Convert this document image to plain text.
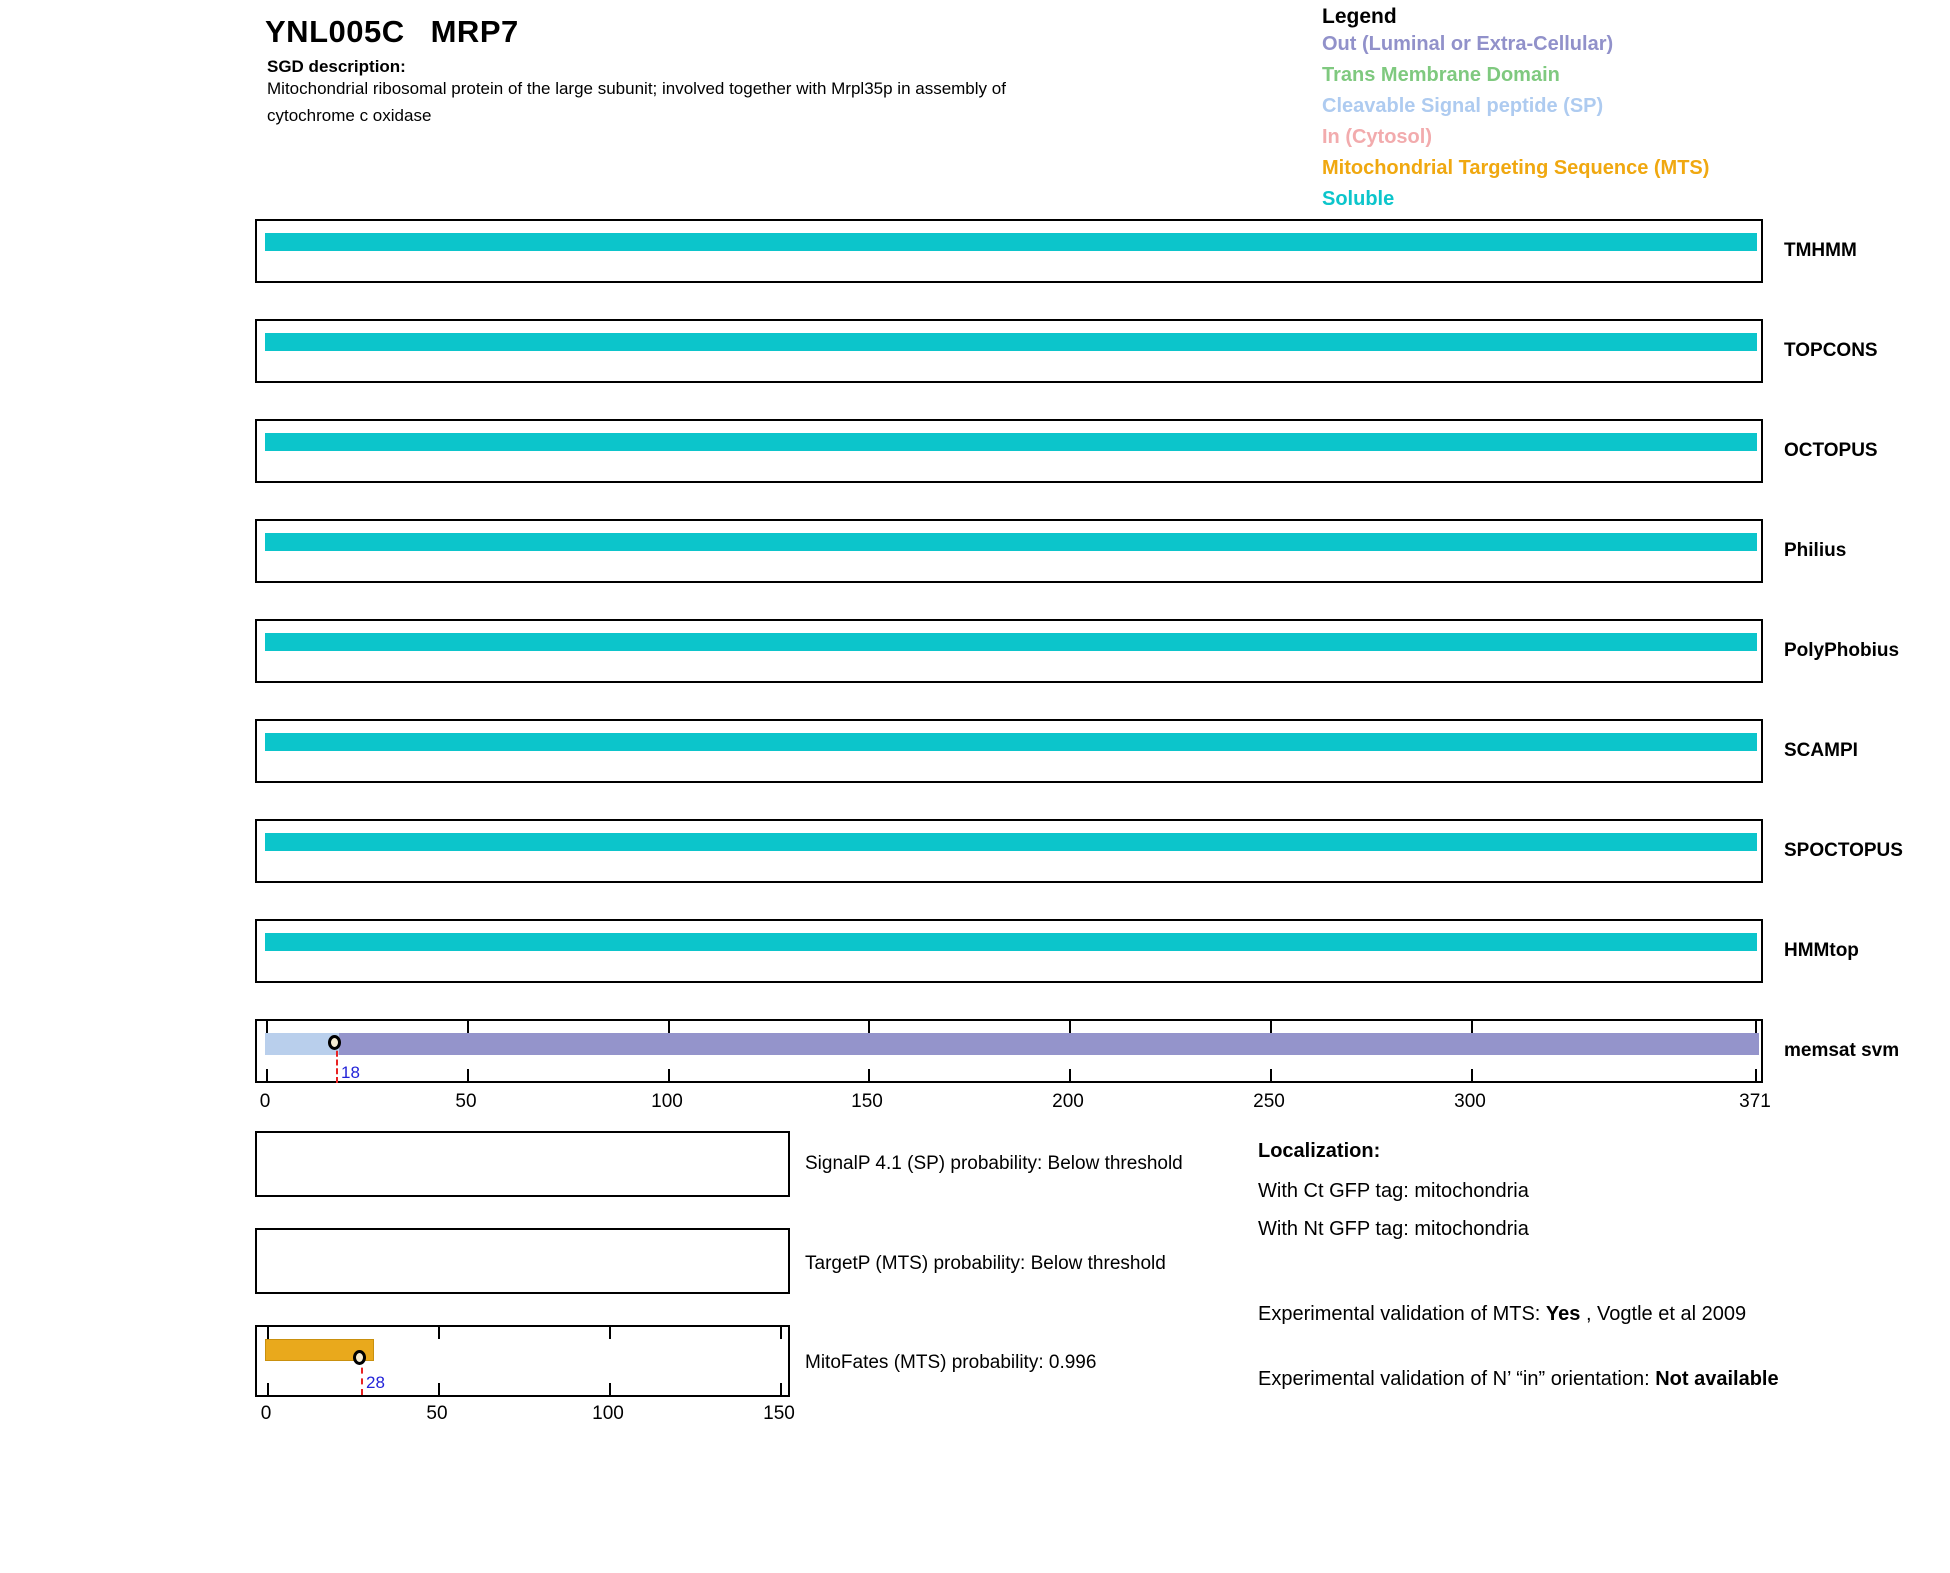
YNL005C MRP7
SGD description:
Mitochondrial ribosomal protein of the large subunit; involved together with Mrpl35p in assembly of
cytochrome c oxidase
Legend
Out (Luminal or Extra-Cellular)
Trans Membrane Domain
Cleavable Signal peptide (SP)
In (Cytosol)
Mitochondrial Targeting Sequence (MTS)
Soluble
TMHMM
TOPCONS
OCTOPUS
Philius
PolyPhobius
SCAMPI
SPOCTOPUS
HMMtop
18
memsat svm
0	50	100	150	200	250	300	371
SignalP 4.1 (SP) probability: Below threshold
TargetP (MTS) probability: Below threshold
28
MitoFates (MTS) probability: 0.996
0	50	100	150
Localization:
With Ct GFP tag: mitochondria
With Nt GFP tag: mitochondria
Experimental validation of MTS: Yes , Vogtle et al 2009
Experimental validation of N’ “in” orientation: Not available
